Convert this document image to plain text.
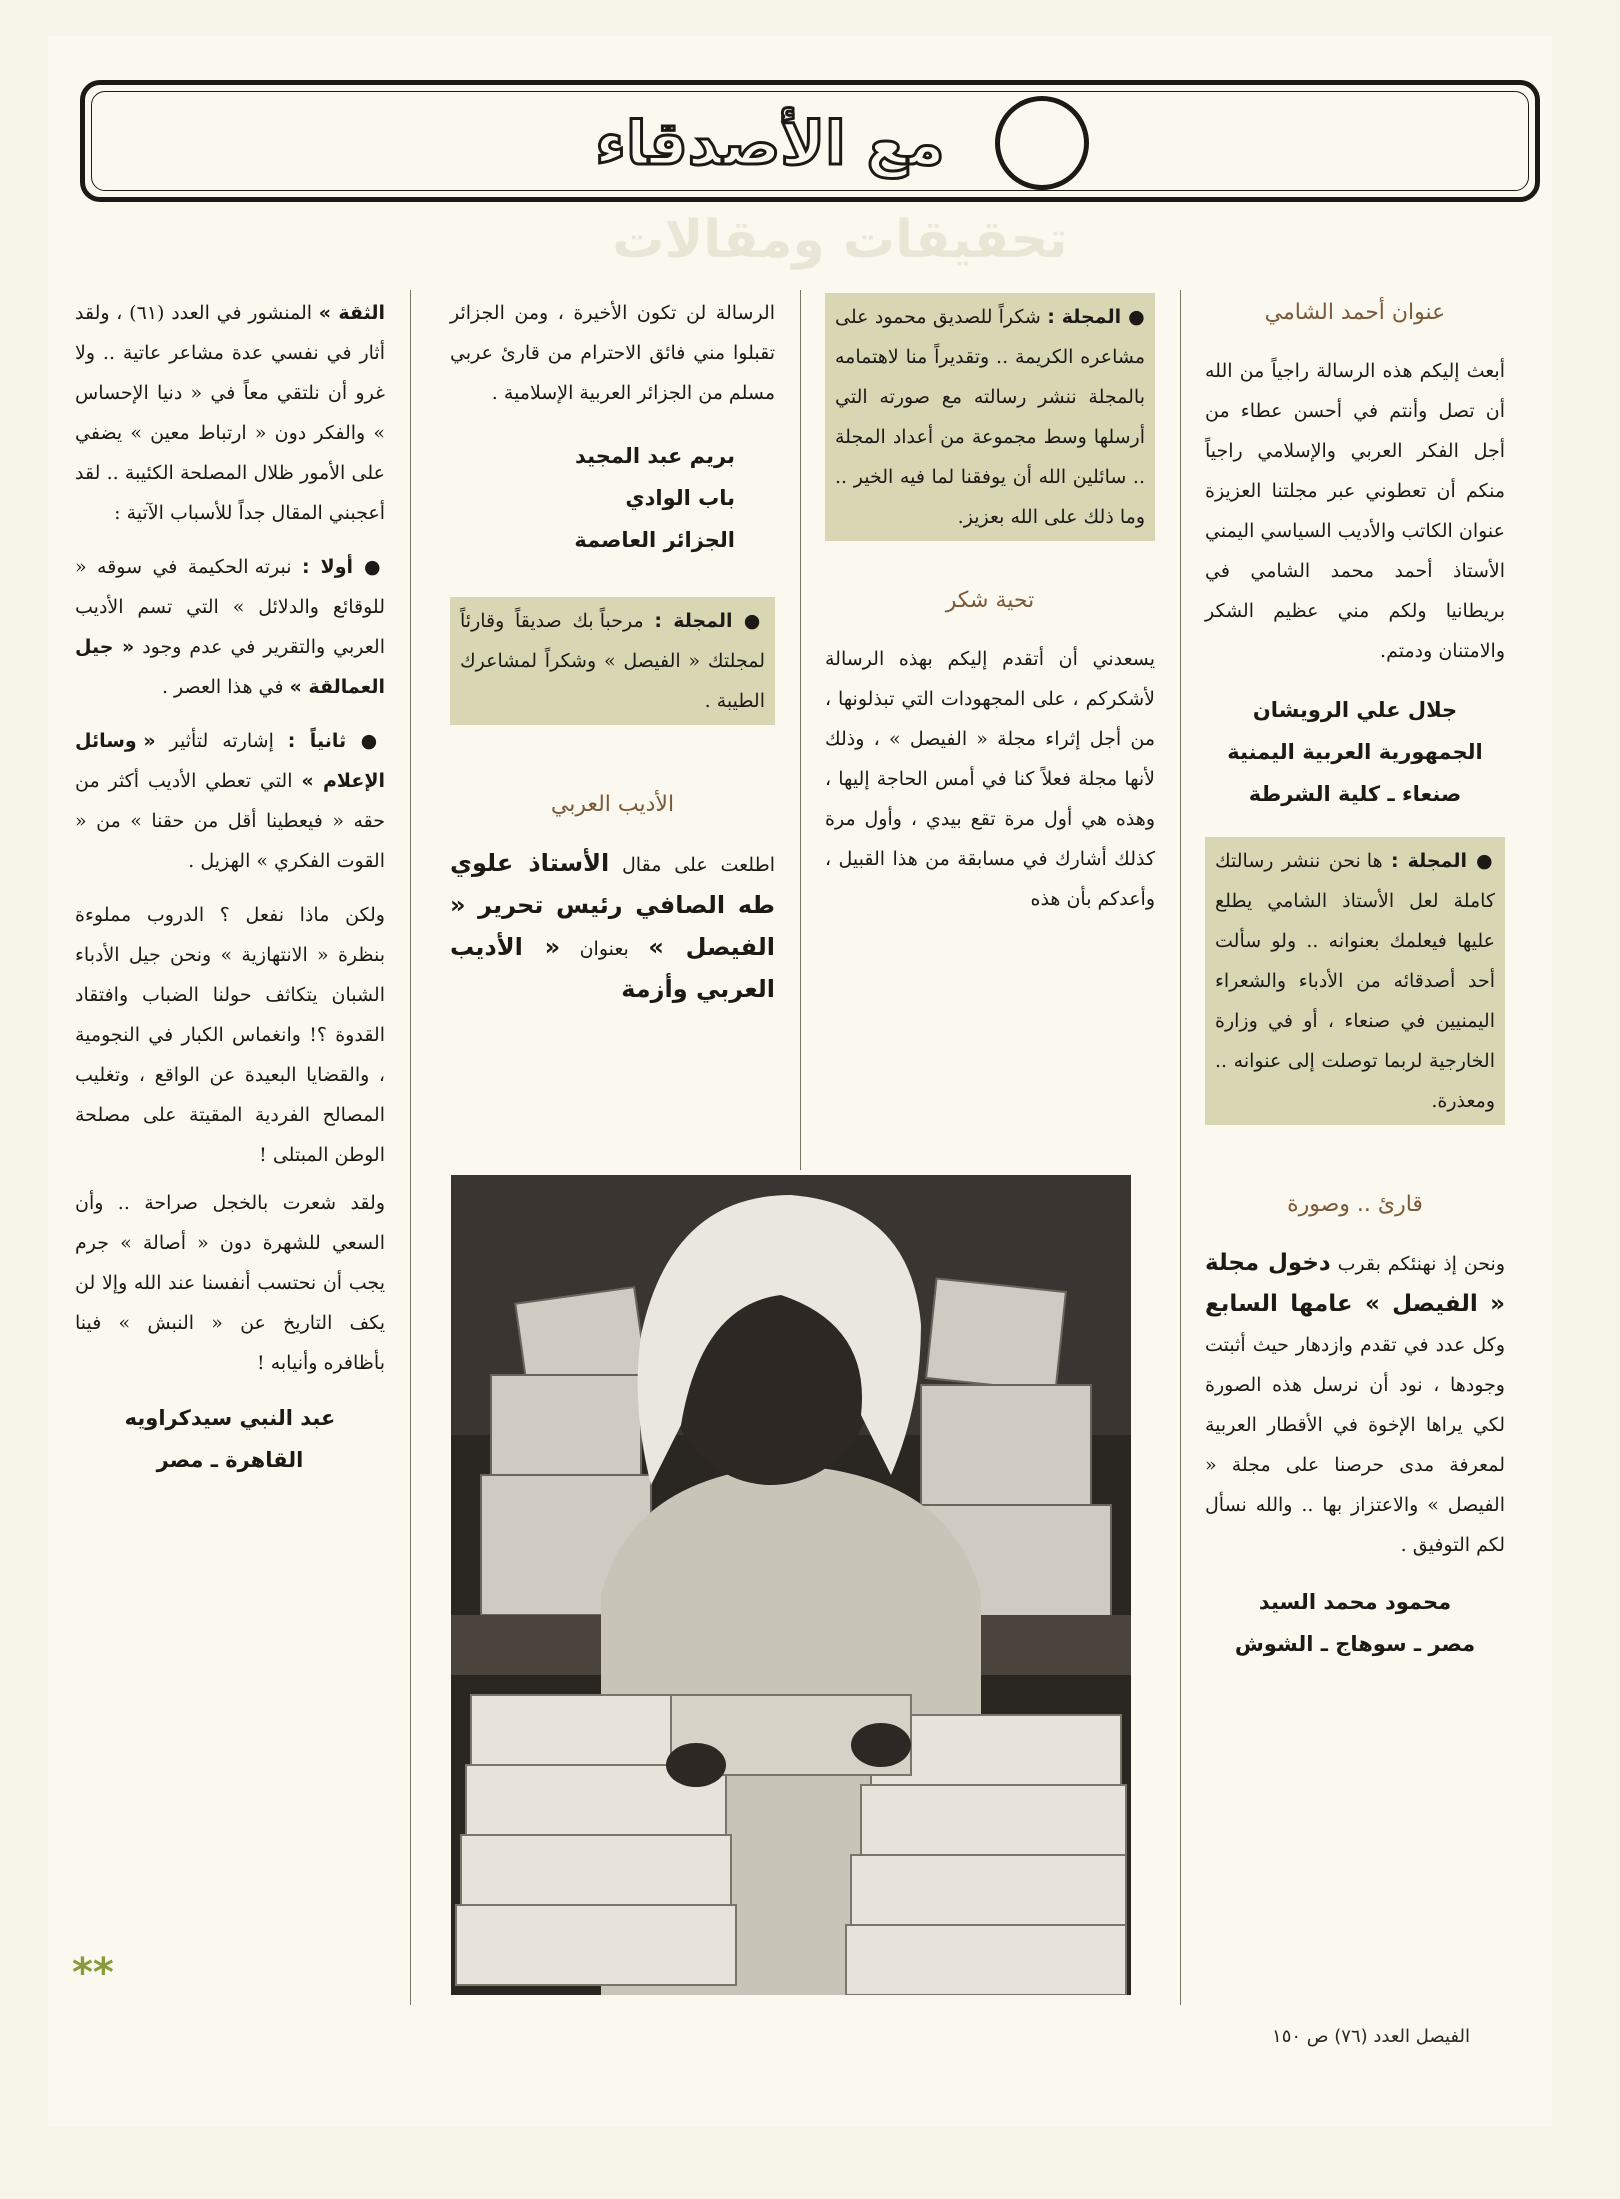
مع الأصدقاء
تحقيقات ومقالات
عنوان أحمد الشامي

أبعث إليكم هذه الرسالة راجياً من الله أن تصل وأنتم في أحسن عطاء من أجل الفكر العربي والإسلامي راجياً منكم أن تعطوني عبر مجلتنا العزيزة عنوان الكاتب والأديب السياسي اليمني الأستاذ أحمد محمد الشامي في بريطانيا ولكم مني عظيم الشكر والامتنان ودمتم.

جلال علي الرويشان
الجمهورية العربية اليمنية
صنعاء ـ كلية الشرطة
● المجلة : ها نحن ننشر رسالتك كاملة لعل الأستاذ الشامي يطلع عليها فيعلمك بعنوانه .. ولو سألت أحد أصدقائه من الأدباء والشعراء اليمنيين في صنعاء ، أو في وزارة الخارجية لربما توصلت إلى عنوانه .. ومعذرة.
قارئ .. وصورة

ونحن إذ نهنئكم بقرب دخول مجلة « الفيصل » عامها السابع وكل عدد في تقدم وازدهار حيث أثبتت وجودها ، نود أن نرسل هذه الصورة لكي يراها الإخوة في الأقطار العربية لمعرفة مدى حرصنا على مجلة « الفيصل » والاعتزاز بها .. والله نسأل لكم التوفيق .

محمود محمد السيد
مصر ـ سوهاج ـ الشوش
● المجلة : شكراً للصديق محمود على مشاعره الكريمة .. وتقديراً منا لاهتمامه بالمجلة ننشر رسالته مع صورته التي أرسلها وسط مجموعة من أعداد المجلة .. سائلين الله أن يوفقنا لما فيه الخير .. وما ذلك على الله بعزيز.
تحية شكر

يسعدني أن أتقدم إليكم بهذه الرسالة لأشكركم ، على المجهودات التي تبذلونها ، من أجل إثراء مجلة « الفيصل » ، وذلك لأنها مجلة فعلاً كنا في أمس الحاجة إليها ، وهذه هي أول مرة تقع بيدي ، وأول مرة كذلك أشارك في مسابقة من هذا القبيل ، وأعدكم بأن هذه

الرسالة لن تكون الأخيرة ، ومن الجزائر تقبلوا مني فائق الاحترام من قارئ عربي مسلم من الجزائر العربية الإسلامية .

بريم عبد المجيد
باب الوادي
الجزائر العاصمة
● المجلة : مرحباً بك صديقاً وقارئاً لمجلتك « الفيصل » وشكراً لمشاعرك الطيبة .
الأديب العربي

اطلعت على مقال الأستاذ علوي طه الصافي رئيس تحرير « الفيصل » بعنوان « الأديب العربي وأزمة

الثقة » المنشور في العدد (٦١) ، ولقد أثار في نفسي عدة مشاعر عاتية .. ولا غرو أن نلتقي معاً في « دنيا الإحساس » والفكر دون « ارتباط معين » يضفي على الأمور ظلال المصلحة الكئيبة .. لقد أعجبني المقال جداً للأسباب الآتية :

● أولا : نبرته الحكيمة في سوقه « للوقائع والدلائل » التي تسم الأديب العربي والتقرير في عدم وجود « جيل العمالقة » في هذا العصر .

● ثانياً : إشارته لتأثير « وسائل الإعلام » التي تعطي الأديب أكثر من حقه « فيعطينا أقل من حقنا » من « القوت الفكري » الهزيل .

ولكن ماذا نفعل ؟ الدروب مملوءة بنظرة « الانتهازية » ونحن جيل الأدباء الشبان يتكاثف حولنا الضباب وافتقاد القدوة ؟! وانغماس الكبار في النجومية ، والقضايا البعيدة عن الواقع ، وتغليب المصالح الفردية المقيتة على مصلحة الوطن المبتلى !

ولقد شعرت بالخجل صراحة .. وأن السعي للشهرة دون « أصالة » جرم يجب أن نحتسب أنفسنا عند الله وإلا لن يكف التاريخ عن « النبش » فينا بأظافره وأنيابه !

عبد النبي سيدكراويه
القاهرة ـ مصر
**
الفيصل العدد (٧٦) ص ١٥٠
